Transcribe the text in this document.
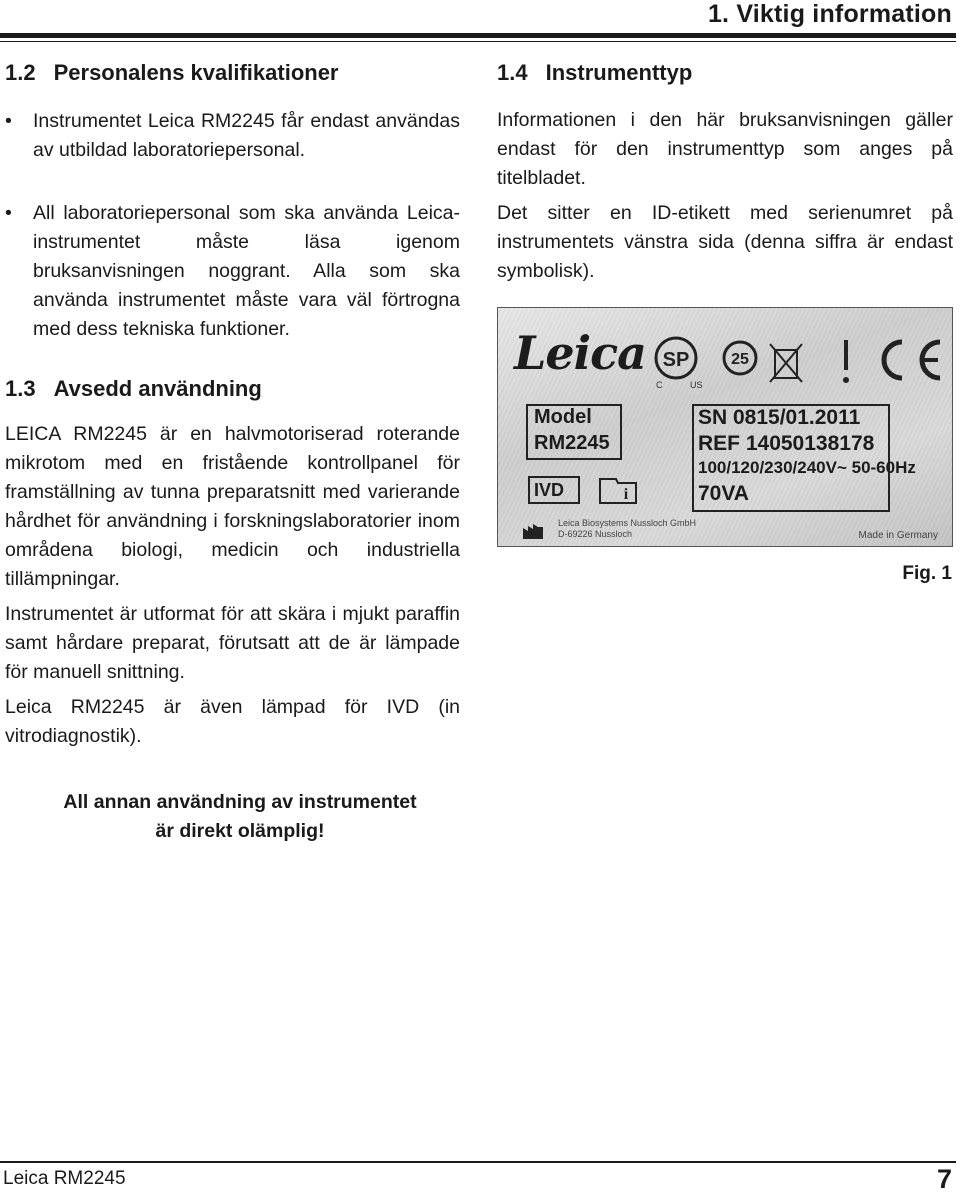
1. Viktig information
1.2 Personalens kvalifikationer
• Instrumentet Leica RM2245 får endast användas av utbildad laboratoriepersonal.
• All laboratoriepersonal som ska använda Leica-instrumentet måste läsa igenom bruksanvisningen noggrant. Alla som ska använda instrumentet måste vara väl förtrogna med dess tekniska funktioner.
1.3 Avsedd användning

LEICA RM2245 är en halvmotoriserad roterande mikrotom med en fristående kontrollpanel för framställning av tunna preparatsnitt med varierande hårdhet för användning i forskningslaboratorier inom områdena biologi, medicin och industriella tillämpningar.

Instrumentet är utformat för att skära i mjukt paraffin samt hårdare preparat, förutsatt att de är lämpade för manuell snittning.

Leica RM2245 är även lämpad för IVD (in vitrodiagnostik).

1.4 Instrumenttyp

Informationen i den här bruksanvisningen gäller endast för den instrumenttyp som anges på titelbladet.

Det sitter en ID-etikett med serienumret på instrumentets vänstra sida (denna siffra är endast symbolisk).

Leica SP
C	US
25
Model
RM2245
SN 0815/01.2011
REF 14050138178
100/120/230/240V~ 50-60Hz
70VA
IVD	i
Leica Biosystems Nussloch GmbH
D-69226 Nussloch	Made in Germany
Fig. 1
All annan användning av instrumentet
är direkt olämplig!
Leica RM2245	7
